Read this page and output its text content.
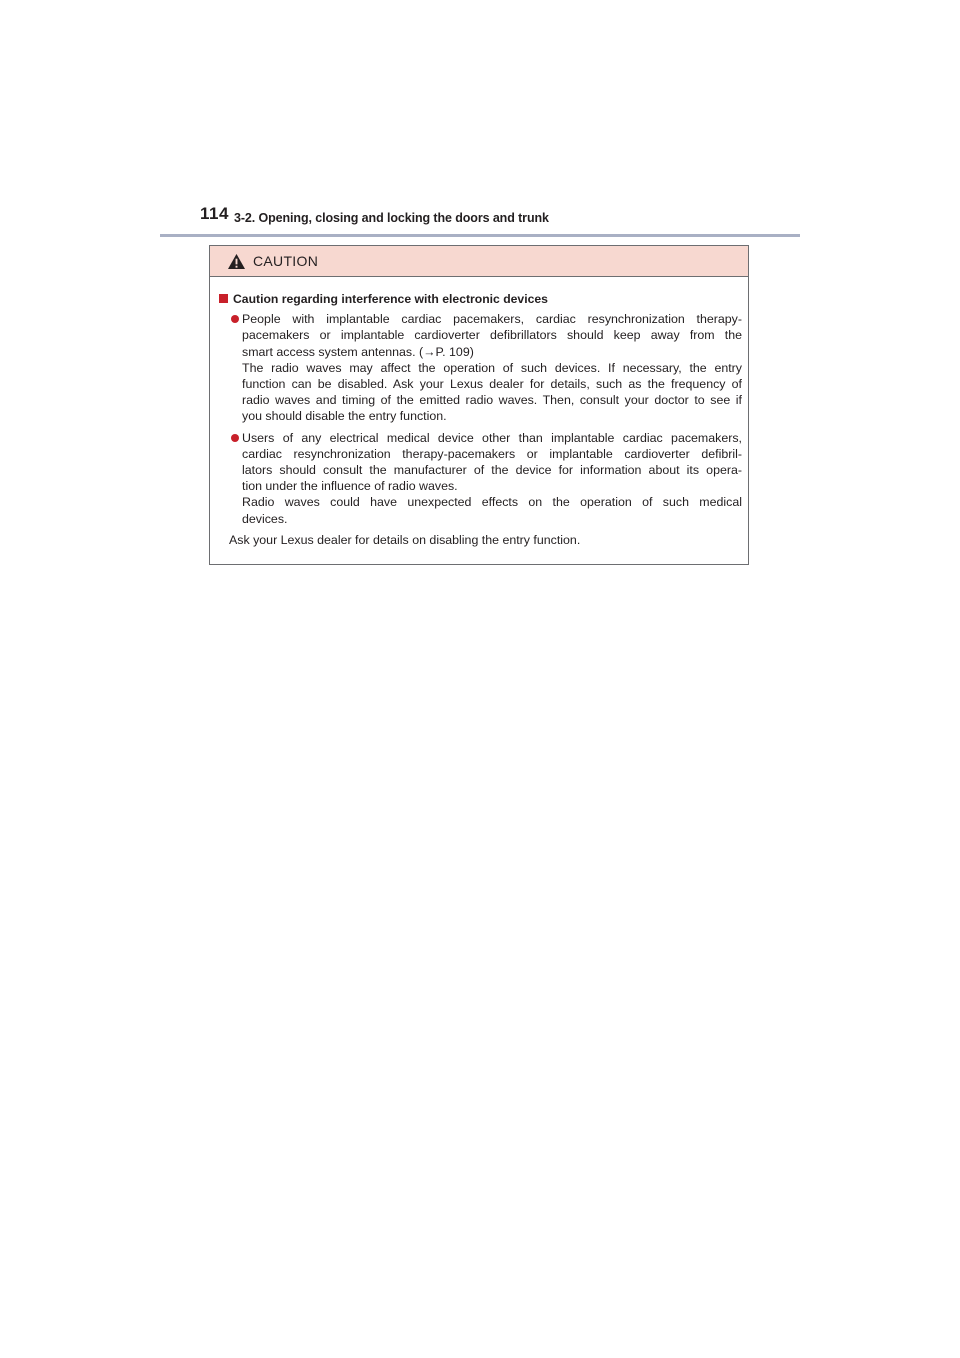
114 3-2. Opening, closing and locking the doors and trunk
CAUTION
Caution regarding interference with electronic devices
People with implantable cardiac pacemakers, cardiac resynchronization therapy-
pacemakers or implantable cardioverter defibrillators should keep away from the
smart access system antennas. (→P. 109)
The radio waves may affect the operation of such devices. If necessary, the entry
function can be disabled. Ask your Lexus dealer for details, such as the frequency of
radio waves and timing of the emitted radio waves. Then, consult your doctor to see if
you should disable the entry function.
Users of any electrical medical device other than implantable cardiac pacemakers,
cardiac resynchronization therapy-pacemakers or implantable cardioverter defibril-
lators should consult the manufacturer of the device for information about its opera-
tion under the influence of radio waves.
Radio waves could have unexpected effects on the operation of such medical
devices.
Ask your Lexus dealer for details on disabling the entry function.
